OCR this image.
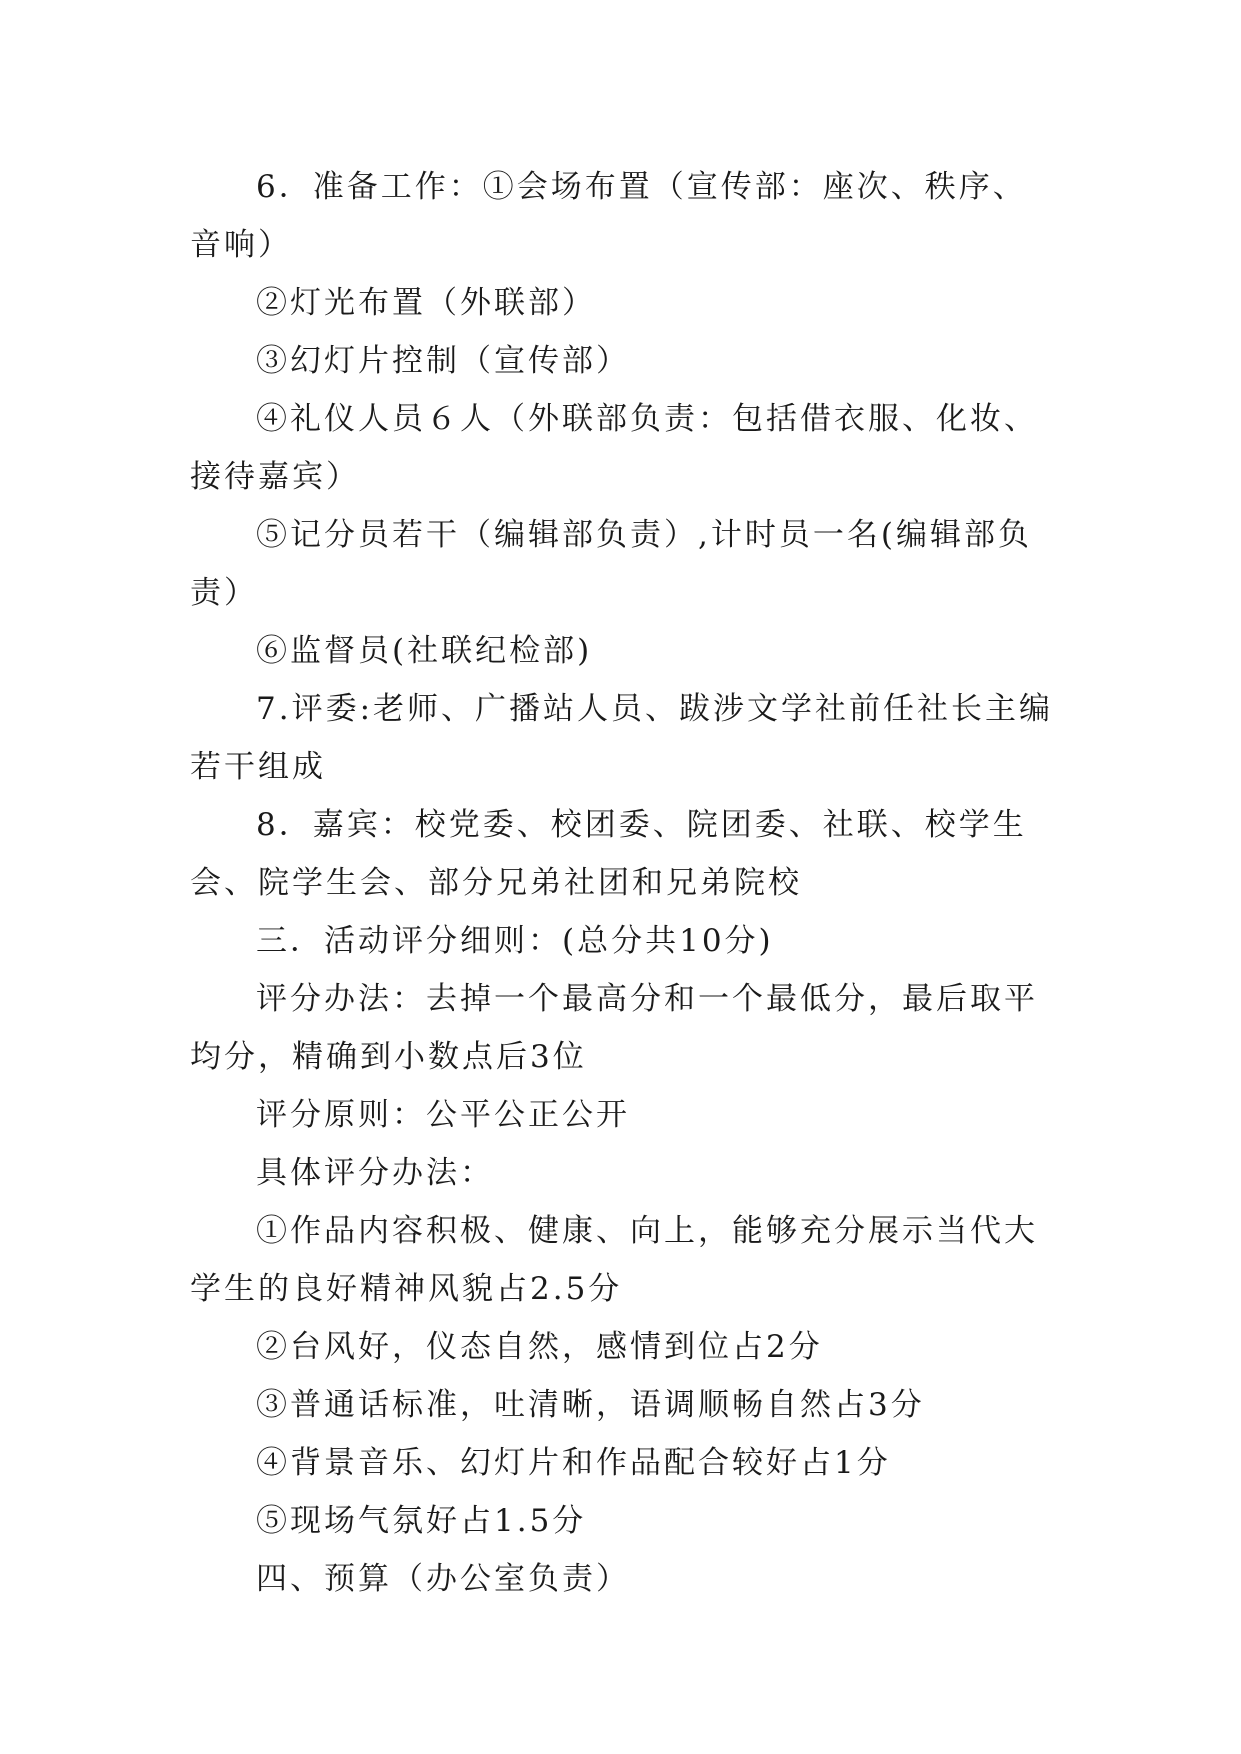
6．准备工作：①会场布置（宣传部：座次、秩序、音响）

②灯光布置（外联部）

③幻灯片控制（宣传部）

④礼仪人员６人（外联部负责：包括借衣服、化妆、接待嘉宾）

⑤记分员若干（编辑部负责）,计时员一名(编辑部负责）

⑥监督员(社联纪检部)

7.评委:老师、广播站人员、跋涉文学社前任社长主编若干组成

8．嘉宾：校党委、校团委、院团委、社联、校学生会、院学生会、部分兄弟社团和兄弟院校

三．活动评分细则：(总分共10分)

评分办法：去掉一个最高分和一个最低分，最后取平均分，精确到小数点后3位

评分原则：公平公正公开

具体评分办法：

①作品内容积极、健康、向上，能够充分展示当代大学生的良好精神风貌占2.5分

②台风好，仪态自然，感情到位占2分

③普通话标准，吐清晰，语调顺畅自然占3分

④背景音乐、幻灯片和作品配合较好占1分

⑤现场气氛好占1.5分

四、预算（办公室负责）
